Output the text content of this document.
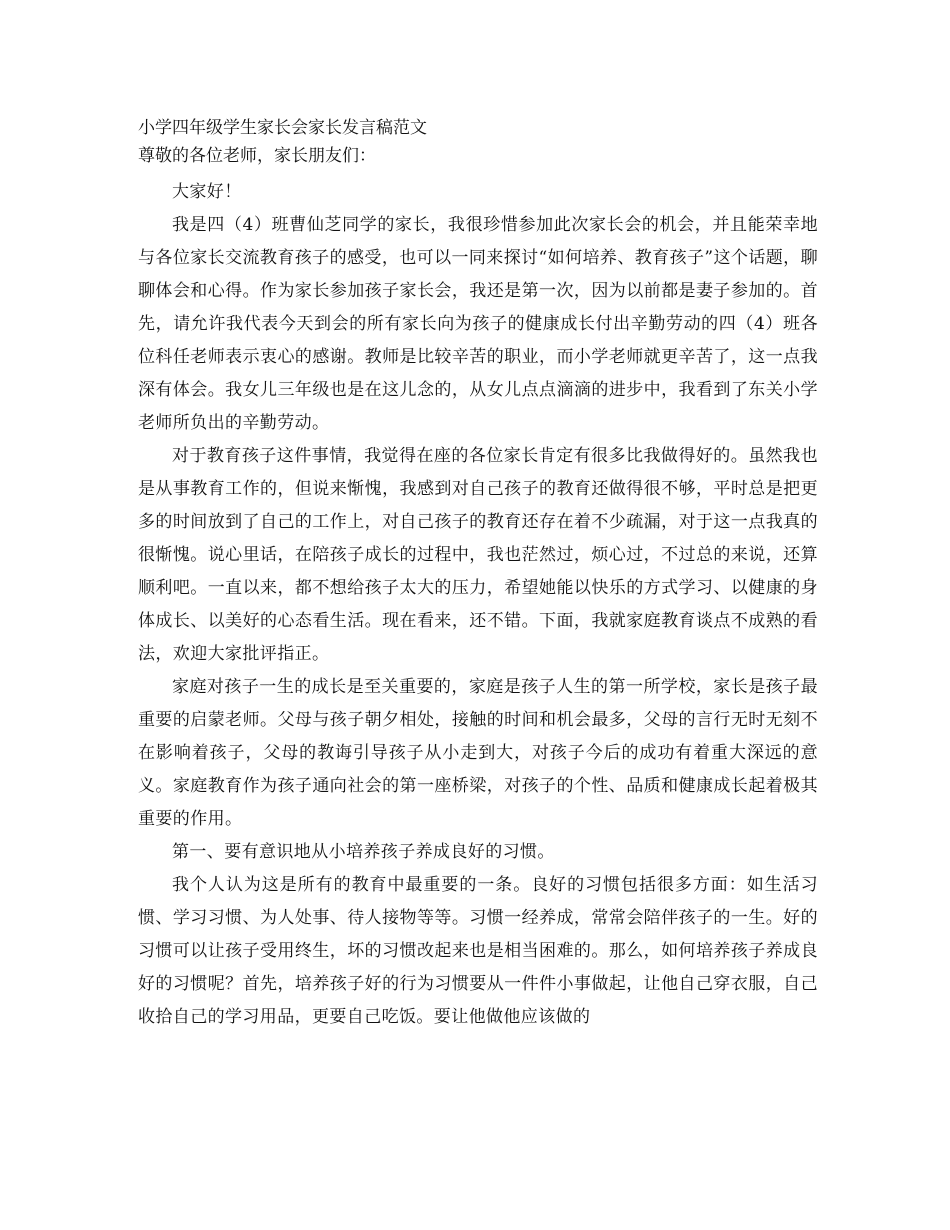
小学四年级学生家长会家长发言稿范文
尊敬的各位老师，家长朋友们：

大家好！

我是四（4）班曹仙芝同学的家长，我很珍惜参加此次家长会的机会，并且能荣幸地与各位家长交流教育孩子的感受，也可以一同来探讨“如何培养、教育孩子”这个话题，聊聊体会和心得。作为家长参加孩子家长会，我还是第一次，因为以前都是妻子参加的。首先，请允许我代表今天到会的所有家长向为孩子的健康成长付出辛勤劳动的四（4）班各位科任老师表示衷心的感谢。教师是比较辛苦的职业，而小学老师就更辛苦了，这一点我深有体会。我女儿三年级也是在这儿念的，从女儿点点滴滴的进步中，我看到了东关小学老师所负出的辛勤劳动。

对于教育孩子这件事情，我觉得在座的各位家长肯定有很多比我做得好的。虽然我也是从事教育工作的，但说来惭愧，我感到对自己孩子的教育还做得很不够，平时总是把更多的时间放到了自己的工作上，对自己孩子的教育还存在着不少疏漏，对于这一点我真的很惭愧。说心里话，在陪孩子成长的过程中，我也茫然过，烦心过，不过总的来说，还算顺利吧。一直以来，都不想给孩子太大的压力，希望她能以快乐的方式学习、以健康的身体成长、以美好的心态看生活。现在看来，还不错。下面，我就家庭教育谈点不成熟的看法，欢迎大家批评指正。

家庭对孩子一生的成长是至关重要的，家庭是孩子人生的第一所学校，家长是孩子最重要的启蒙老师。父母与孩子朝夕相处，接触的时间和机会最多，父母的言行无时无刻不在影响着孩子，父母的教诲引导孩子从小走到大，对孩子今后的成功有着重大深远的意义。家庭教育作为孩子通向社会的第一座桥梁，对孩子的个性、品质和健康成长起着极其重要的作用。

第一、要有意识地从小培养孩子养成良好的习惯。

我个人认为这是所有的教育中最重要的一条。良好的习惯包括很多方面：如生活习惯、学习习惯、为人处事、待人接物等等。习惯一经养成，常常会陪伴孩子的一生。好的习惯可以让孩子受用终生，坏的习惯改起来也是相当困难的。那么，如何培养孩子养成良好的习惯呢？首先，培养孩子好的行为习惯要从一件件小事做起，让他自己穿衣服，自己收拾自己的学习用品，更要自己吃饭。要让他做他应该做的
